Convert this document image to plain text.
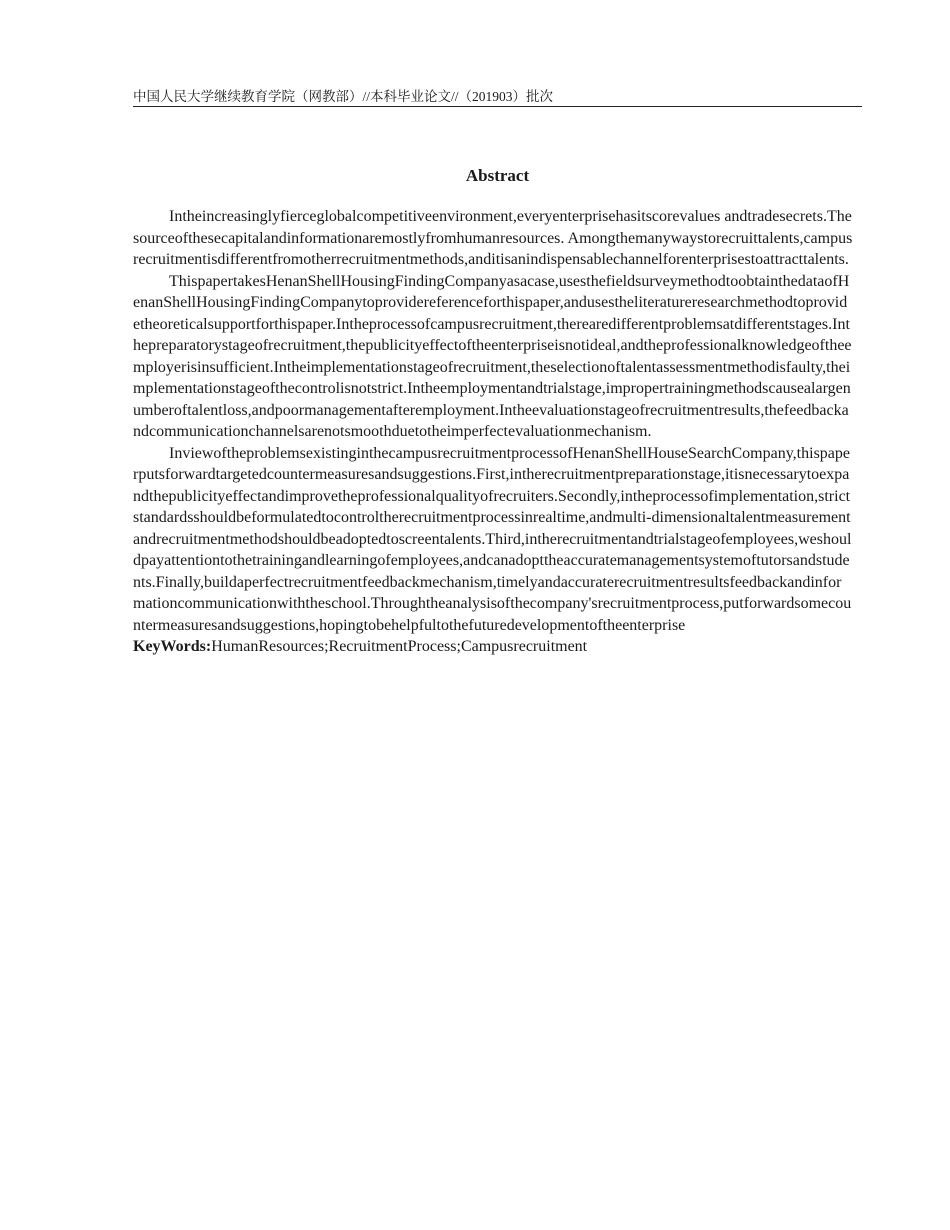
中国人民大学继续教育学院（网教部）//本科毕业论文//（201903）批次
Abstract

Intheincreasinglyfierceglobalcompetitiveenvironment,everyenterprisehasitscorevalues andtradesecrets.Thesourceofthesecapitalandinformationaremostlyfromhumanresources. Amongthemanywaystorecruittalents,campusrecruitmentisdifferentfromotherrecruitmentmethods,anditisanindispensablechannelforenterprisestoattracttalents.

ThispapertakesHenanShellHousingFindingCompanyasacase,usesthefieldsurveymethodtoobtainthedataofHenanShellHousingFindingCompanytoprovidereferenceforthispaper,andusestheliteratureresearchmethodtoprovidetheoreticalsupportforthispaper.Intheprocessofcampusrecruitment,therearedifferentproblemsatdifferentstages.Inthepreparatorystageofrecruitment,thepublicityeffectoftheenterpriseisnotideal,andtheprofessionalknowledgeoftheemployerisinsufficient.Intheimplementationstageofrecruitment,theselectionoftalentassessmentmethodisfaulty,theimplementationstageofthecontrolisnotstrict.Intheemploymentandtrialstage,impropertrainingmethodscausealargenumberoftalentloss,andpoormanagementafteremployment.Intheevaluationstageofrecruitmentresults,thefeedbackandcommunicationchannelsarenotsmoothduetotheimperfectevaluationmechanism.

InviewoftheproblemsexistinginthecampusrecruitmentprocessofHenanShellHouseSearchCompany,thispaperputsforwardtargetedcountermeasuresandsuggestions.First,intherecruitmentpreparationstage,itisnecessarytoexpandthepublicityeffectandimprovetheprofessionalqualityofrecruiters.Secondly,intheprocessofimplementation,strictstandardsshouldbeformulatedtocontroltherecruitmentprocessinrealtime,andmulti-dimensionaltalentmeasurementandrecruitmentmethodshouldbeadoptedtoscreentalents.Third,intherecruitmentandtrialstageofemployees,weshouldpayattentiontothetrainingandlearningofemployees,andcanadopttheaccuratemanagementsystemoftutorsandstudents.Finally,buildaperfectrecruitmentfeedbackmechanism,timelyandaccuraterecruitmentresultsfeedbackandinformationcommunicationwiththeschool.Throughtheanalysisofthecompany'srecruitmentprocess,putforwardsomecountermeasuresandsuggestions,hopingtobehelpfultothefuturedevelopmentoftheenterprise

KeyWords:HumanResources;RecruitmentProcess;Campusrecruitment
